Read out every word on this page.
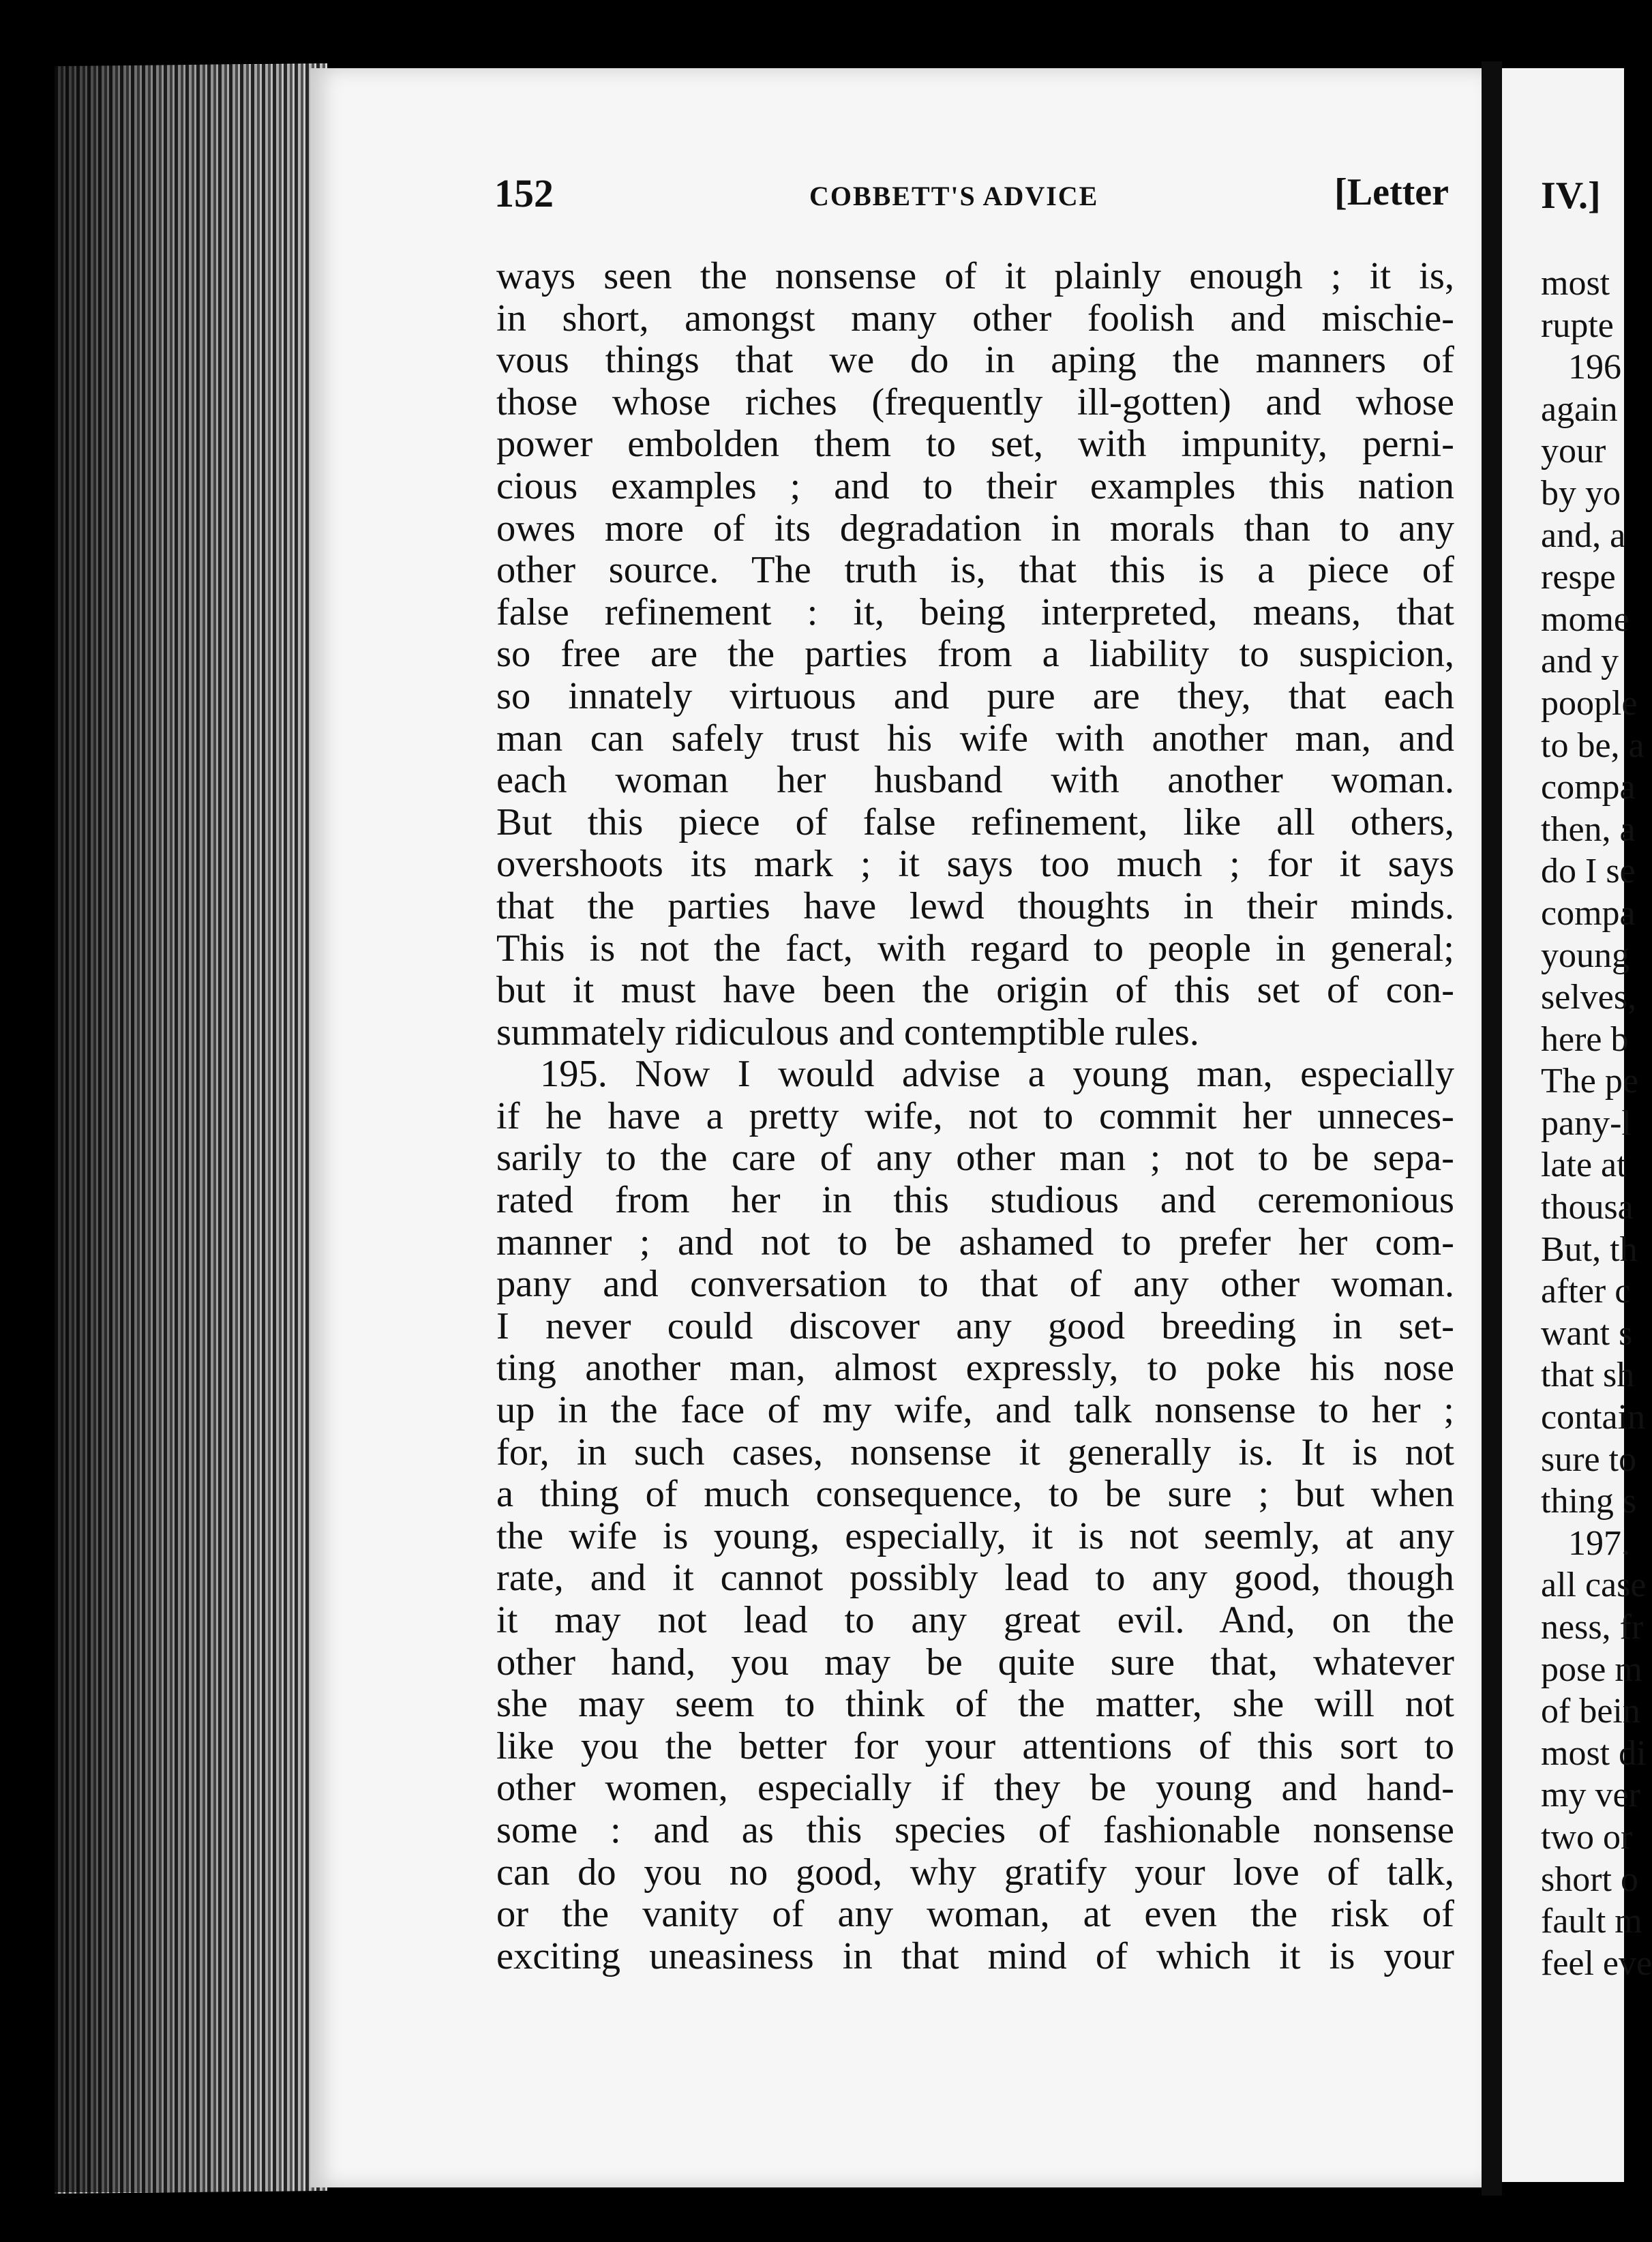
152	COBBETT'S ADVICE	[Letter
ways seen the nonsense of it plainly enough ; it is,
in short, amongst many other foolish and mischie-
vous things that we do in aping the manners of
those whose riches (frequently ill-gotten) and whose
power embolden them to set, with impunity, perni-
cious examples ; and to their examples this nation
owes more of its degradation in morals than to any
other source. The truth is, that this is a piece of
false refinement : it, being interpreted, means, that
so free are the parties from a liability to suspicion,
so innately virtuous and pure are they, that each
man can safely trust his wife with another man, and
each woman her husband with another woman.
But this piece of false refinement, like all others,
overshoots its mark ; it says too much ; for it says
that the parties have lewd thoughts in their minds.
This is not the fact, with regard to people in general;
but it must have been the origin of this set of con-
summately ridiculous and contemptible rules.
195. Now I would advise a young man, especially
if he have a pretty wife, not to commit her unneces-
sarily to the care of any other man ; not to be sepa-
rated from her in this studious and ceremonious
manner ; and not to be ashamed to prefer her com-
pany and conversation to that of any other woman.
I never could discover any good breeding in set-
ting another man, almost expressly, to poke his nose
up in the face of my wife, and talk nonsense to her ;
for, in such cases, nonsense it generally is. It is not
a thing of much consequence, to be sure ; but when
the wife is young, especially, it is not seemly, at any
rate, and it cannot possibly lead to any good, though
it may not lead to any great evil. And, on the
other hand, you may be quite sure that, whatever
she may seem to think of the matter, she will not
like you the better for your attentions of this sort to
other women, especially if they be young and hand-
some : and as this species of fashionable nonsense
can do you no good, why gratify your love of talk,
or the vanity of any woman, at even the risk of
exciting uneasiness in that mind of which it is your
IV.]
most
rupte
196
again
your
by yo
and, a
respe
mome
and y
poople
to be, a
compa
then, a
do I se
compa
young
selves,
here b
The pe
pany-l
late at
thousa
But, th
after c
want s
that sh
contain
sure to
thing s
197.
all case
ness, fr
pose m
of bein
most di
my ver
two or
short o
fault m
feel eve
